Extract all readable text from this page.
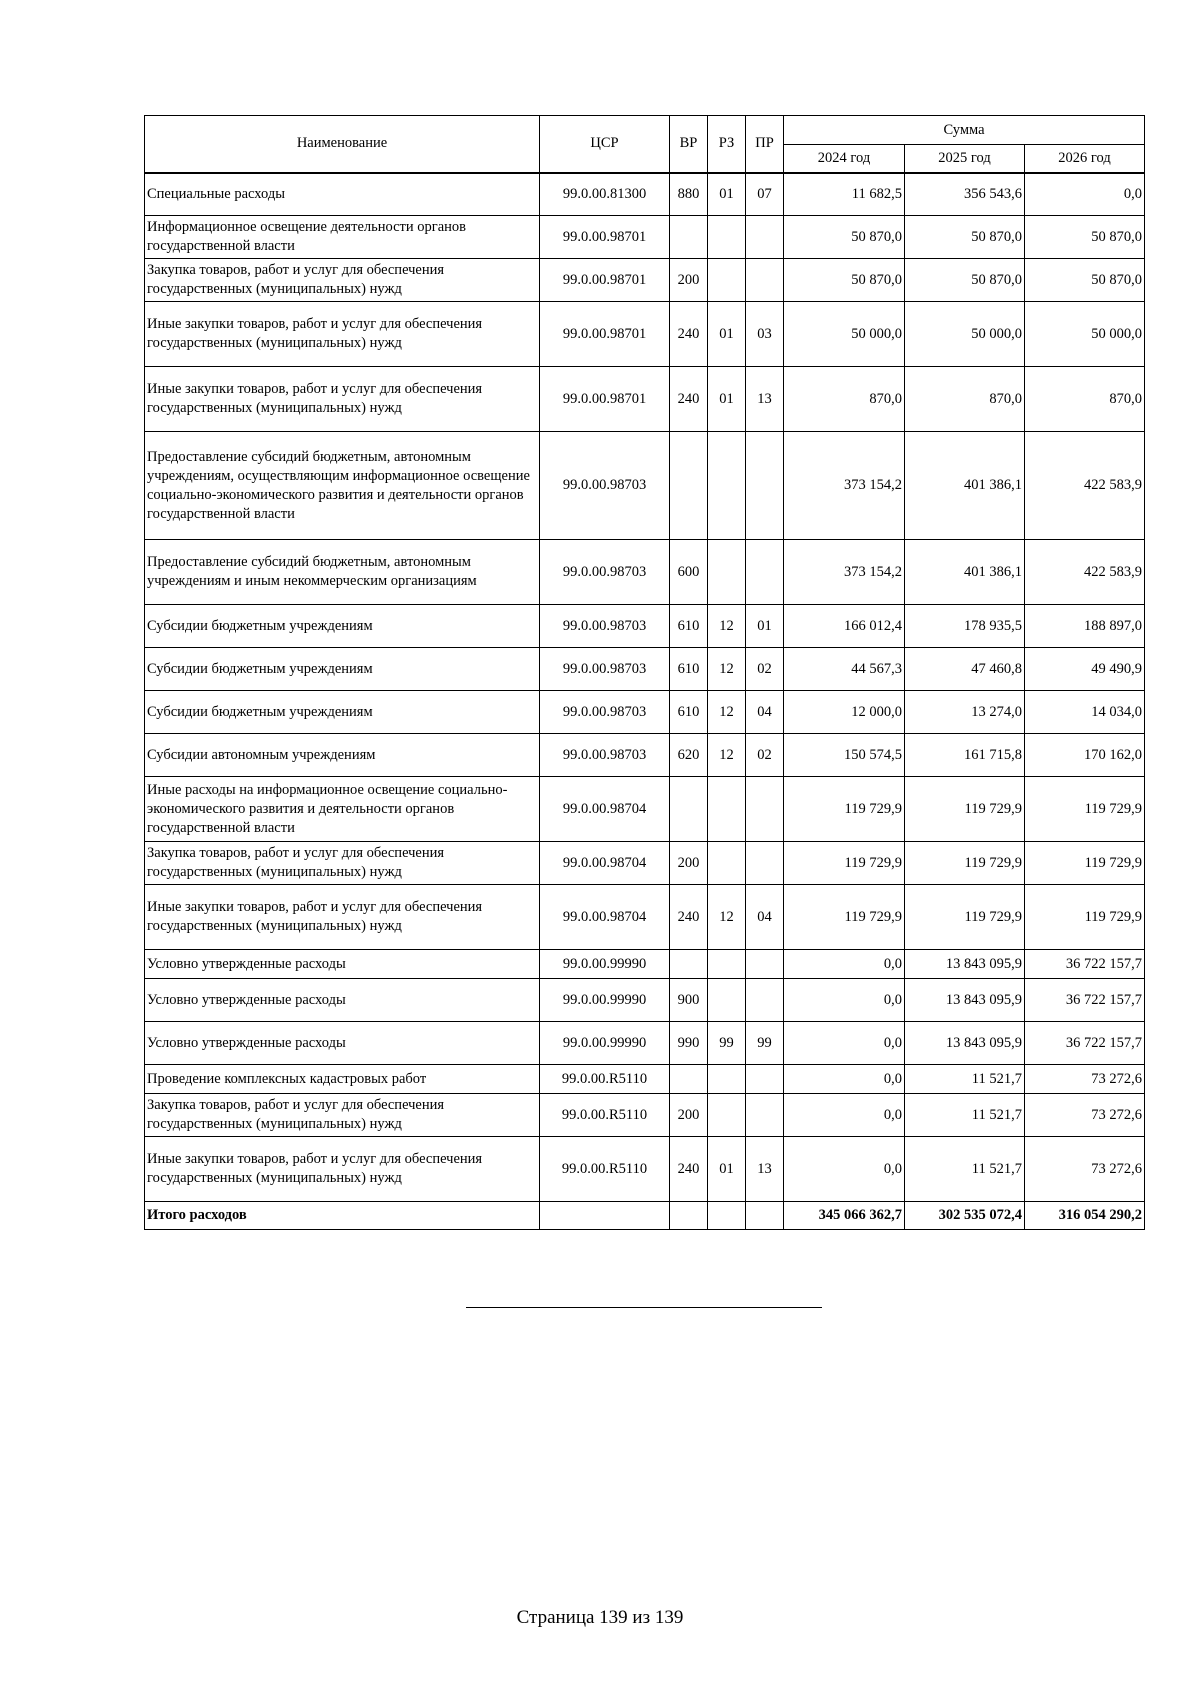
Наименование	ЦСР	ВР	РЗ	ПР	Сумма		
					2024 год	2025 год	2026 год
Специальные расходы	99.0.00.81300	880	01	07	11 682,5	356 543,6	0,0
Информационное освещение деятельности органов государственной власти	99.0.00.98701				50 870,0	50 870,0	50 870,0
Закупка товаров, работ и услуг для обеспечения государственных (муниципальных) нужд	99.0.00.98701	200			50 870,0	50 870,0	50 870,0
Иные закупки товаров, работ и услуг для обеспечения государственных (муниципальных) нужд	99.0.00.98701	240	01	03	50 000,0	50 000,0	50 000,0
Иные закупки товаров, работ и услуг для обеспечения государственных (муниципальных) нужд	99.0.00.98701	240	01	13	870,0	870,0	870,0
Предоставление субсидий бюджетным, автономным учреждениям, осуществляющим информационное освещение социально-экономического развития и деятельности органов государственной власти	99.0.00.98703				373 154,2	401 386,1	422 583,9
Предоставление субсидий бюджетным, автономным учреждениям и иным некоммерческим организациям	99.0.00.98703	600			373 154,2	401 386,1	422 583,9
Субсидии бюджетным учреждениям	99.0.00.98703	610	12	01	166 012,4	178 935,5	188 897,0
Субсидии бюджетным учреждениям	99.0.00.98703	610	12	02	44 567,3	47 460,8	49 490,9
Субсидии бюджетным учреждениям	99.0.00.98703	610	12	04	12 000,0	13 274,0	14 034,0
Субсидии автономным учреждениям	99.0.00.98703	620	12	02	150 574,5	161 715,8	170 162,0
Иные расходы на информационное освещение социально-экономического развития и деятельности органов государственной власти	99.0.00.98704				119 729,9	119 729,9	119 729,9
Закупка товаров, работ и услуг для обеспечения государственных (муниципальных) нужд	99.0.00.98704	200			119 729,9	119 729,9	119 729,9
Иные закупки товаров, работ и услуг для обеспечения государственных (муниципальных) нужд	99.0.00.98704	240	12	04	119 729,9	119 729,9	119 729,9
Условно утвержденные расходы	99.0.00.99990				0,0	13 843 095,9	36 722 157,7
Условно утвержденные расходы	99.0.00.99990	900			0,0	13 843 095,9	36 722 157,7
Условно утвержденные расходы	99.0.00.99990	990	99	99	0,0	13 843 095,9	36 722 157,7
Проведение комплексных кадастровых работ	99.0.00.R5110				0,0	11 521,7	73 272,6
Закупка товаров, работ и услуг для обеспечения государственных (муниципальных) нужд	99.0.00.R5110	200			0,0	11 521,7	73 272,6
Иные закупки товаров, работ и услуг для обеспечения государственных (муниципальных) нужд	99.0.00.R5110	240	01	13	0,0	11 521,7	73 272,6
Итого расходов					345 066 362,7	302 535 072,4	316 054 290,2
Страница 139 из 139
